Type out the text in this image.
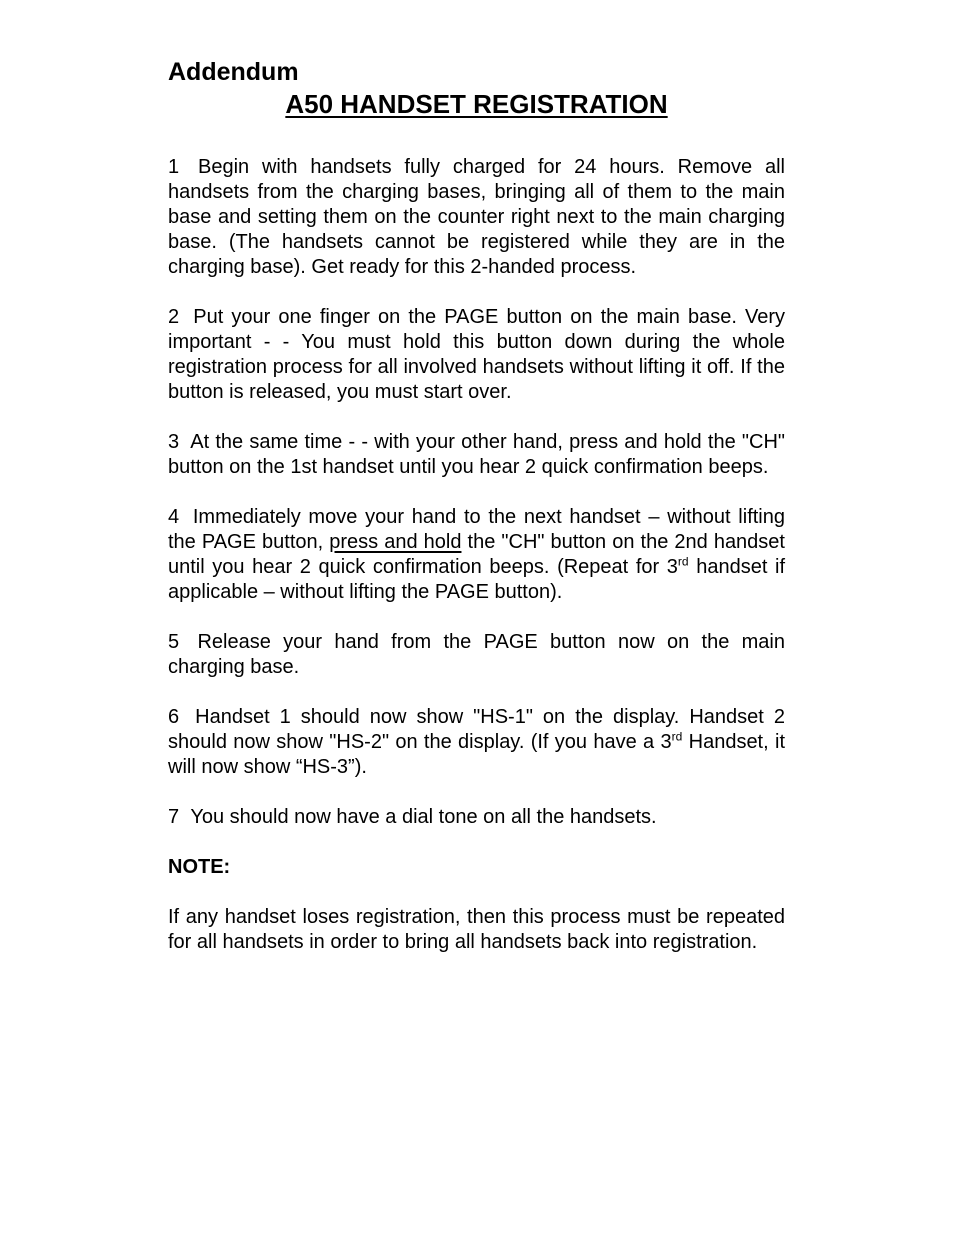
Addendum

A50 HANDSET REGISTRATION

1 Begin with handsets fully charged for 24 hours. Remove all handsets from the charging bases, bringing all of them to the main base and setting them on the counter right next to the main charging base. (The handsets cannot be registered while they are in the charging base). Get ready for this 2-handed process.

2 Put your one finger on the PAGE button on the main base. Very important - - You must hold this button down during the whole registration process for all involved handsets without lifting it off. If the button is released, you must start over.

3 At the same time - - with your other hand, press and hold the "CH" button on the 1st handset until you hear 2 quick confirmation beeps.

4 Immediately move your hand to the next handset – without lifting the PAGE button, press and hold the "CH" button on the 2nd handset until you hear 2 quick confirmation beeps. (Repeat for 3rd handset if applicable – without lifting the PAGE button).

5 Release your hand from the PAGE button now on the main charging base.

6 Handset 1 should now show "HS-1" on the display. Handset 2 should now show "HS-2" on the display. (If you have a 3rd Handset, it will now show “HS-3”).

7 You should now have a dial tone on all the handsets.

NOTE:

If any handset loses registration, then this process must be repeated for all handsets in order to bring all handsets back into registration.
